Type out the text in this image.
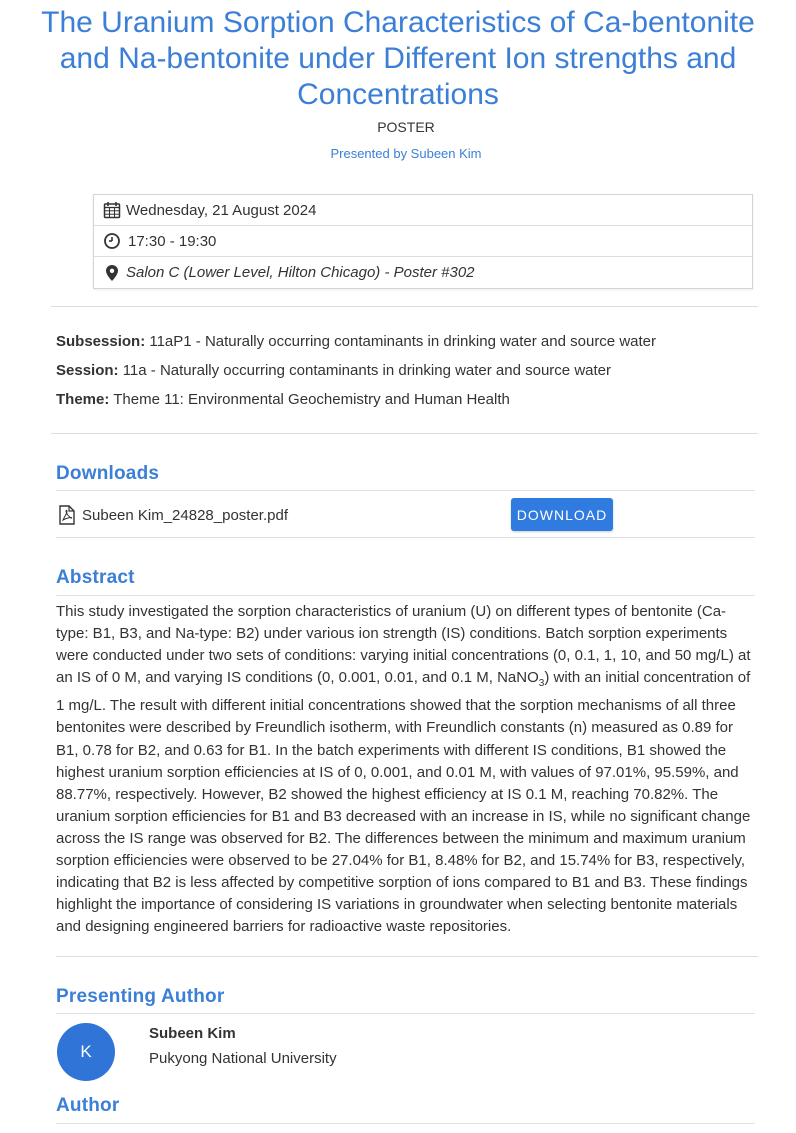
The Uranium Sorption Characteristics of Ca-bentonite and Na-bentonite under Different Ion strengths and Concentrations
POSTER
Presented by Subeen Kim
Wednesday, 21 August 2024
17:30 - 19:30
Salon C (Lower Level, Hilton Chicago) - Poster #302
Subsession: 11aP1 - Naturally occurring contaminants in drinking water and source water
Session: 11a - Naturally occurring contaminants in drinking water and source water
Theme: Theme 11: Environmental Geochemistry and Human Health
Downloads
Subeen Kim_24828_poster.pdf	DOWNLOAD
Abstract

This study investigated the sorption characteristics of uranium (U) on different types of bentonite (Ca-type: B1, B3, and Na-type: B2) under various ion strength (IS) conditions. Batch sorption experiments were conducted under two sets of conditions: varying initial concentrations (0, 0.1, 1, 10, and 50 mg/L) at an IS of 0 M, and varying IS conditions (0, 0.001, 0.01, and 0.1 M, NaNO$_3$) with an initial concentration of 1 mg/L. The result with different initial concentrations showed that the sorption mechanisms of all three bentonites were described by Freundlich isotherm, with Freundlich constants (n) measured as 0.89 for B1, 0.78 for B2, and 0.63 for B1. In the batch experiments with different IS conditions, B1 showed the highest uranium sorption efficiencies at IS of 0, 0.001, and 0.01 M, with values of 97.01%, 95.59%, and 88.77%, respectively. However, B2 showed the highest efficiency at IS 0.1 M, reaching 70.82%. The uranium sorption efficiencies for B1 and B3 decreased with an increase in IS, while no significant change across the IS range was observed for B2. The differences between the minimum and maximum uranium sorption efficiencies were observed to be 27.04% for B1, 8.48% for B2, and 15.74% for B3, respectively, indicating that B2 is less affected by competitive sorption of ions compared to B1 and B3. These findings highlight the importance of considering IS variations in groundwater when selecting bentonite materials and designing engineered barriers for radioactive waste repositories.

Presenting Author
K
Subeen Kim
Pukyong National University
Author
